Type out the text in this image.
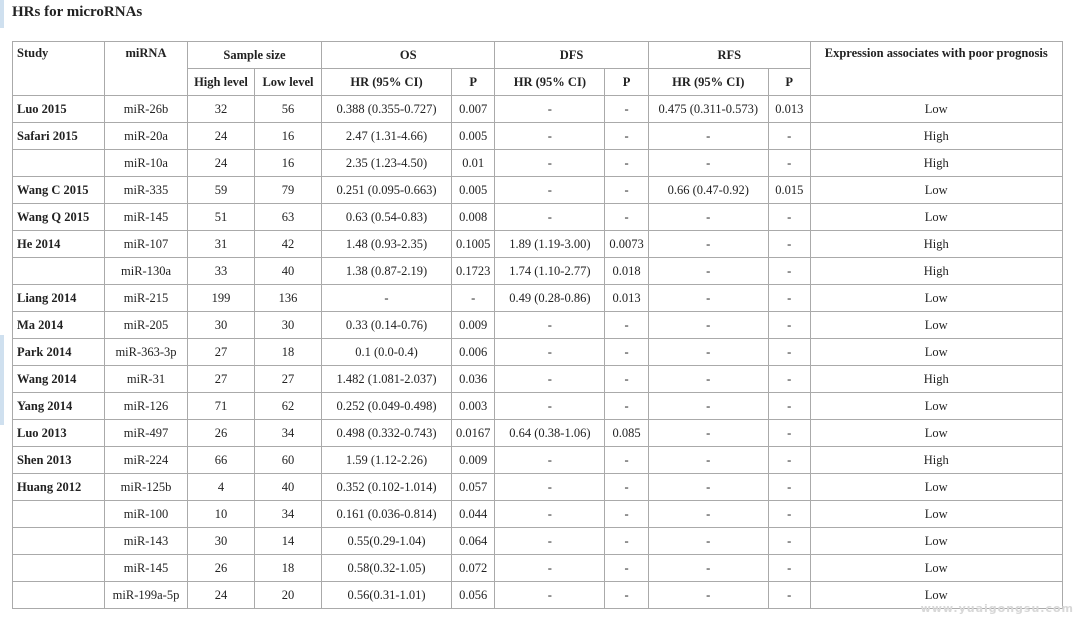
HRs for microRNAs
Study	miRNA	Sample size		OS		DFS		RFS		Expression associates with poor prognosis
		High level	Low level	HR (95% CI)	P	HR (95% CI)	P	HR (95% CI)	P	
Luo 2015	miR-26b	32	56	0.388 (0.355-0.727)	0.007	-	-	0.475 (0.311-0.573)	0.013	Low
Safari 2015	miR-20a	24	16	2.47 (1.31-4.66)	0.005	-	-	-	-	High
	miR-10a	24	16	2.35 (1.23-4.50)	0.01	-	-	-	-	High
Wang C 2015	miR-335	59	79	0.251 (0.095-0.663)	0.005	-	-	0.66 (0.47-0.92)	0.015	Low
Wang Q 2015	miR-145	51	63	0.63 (0.54-0.83)	0.008	-	-	-	-	Low
He 2014	miR-107	31	42	1.48 (0.93-2.35)	0.1005	1.89 (1.19-3.00)	0.0073	-	-	High
	miR-130a	33	40	1.38 (0.87-2.19)	0.1723	1.74 (1.10-2.77)	0.018	-	-	High
Liang 2014	miR-215	199	136	-	-	0.49 (0.28-0.86)	0.013	-	-	Low
Ma 2014	miR-205	30	30	0.33 (0.14-0.76)	0.009	-	-	-	-	Low
Park 2014	miR-363-3p	27	18	0.1 (0.0-0.4)	0.006	-	-	-	-	Low
Wang 2014	miR-31	27	27	1.482 (1.081-2.037)	0.036	-	-	-	-	High
Yang 2014	miR-126	71	62	0.252 (0.049-0.498)	0.003	-	-	-	-	Low
Luo 2013	miR-497	26	34	0.498 (0.332-0.743)	0.0167	0.64 (0.38-1.06)	0.085	-	-	Low
Shen 2013	miR-224	66	60	1.59 (1.12-2.26)	0.009	-	-	-	-	High
Huang 2012	miR-125b	4	40	0.352 (0.102-1.014)	0.057	-	-	-	-	Low
	miR-100	10	34	0.161 (0.036-0.814)	0.044	-	-	-	-	Low
	miR-143	30	14	0.55(0.29-1.04)	0.064	-	-	-	-	Low
	miR-145	26	18	0.58(0.32-1.05)	0.072	-	-	-	-	Low
	miR-199a-5p	24	20	0.56(0.31-1.01)	0.056	-	-	-	-	Low
www.yuaigongsu.com
